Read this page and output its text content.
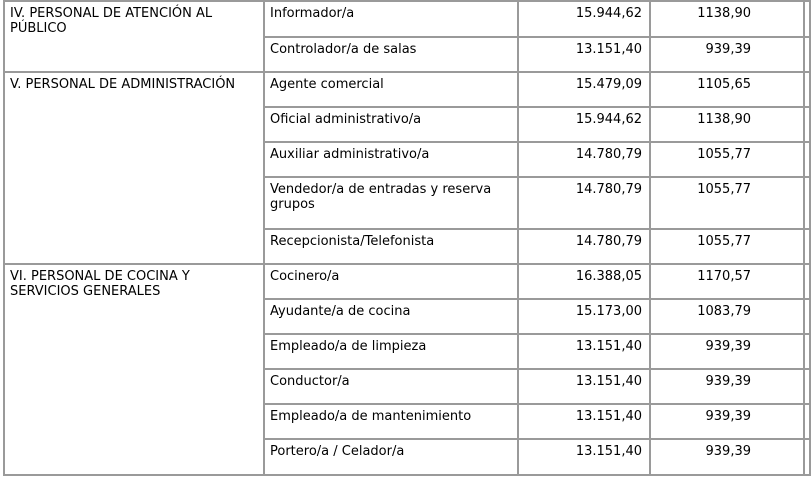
IV. PERSONAL DE ATENCIÓN AL PÚBLICO	Informador/a	15.944,62	1138,90	
	Controlador/a de salas	13.151,40	939,39	
V. PERSONAL DE ADMINISTRACIÓN	Agente comercial	15.479,09	1105,65	
	Oficial administrativo/a	15.944,62	1138,90	
	Auxiliar administrativo/a	14.780,79	1055,77	
	Vendedor/a de entradas y reserva grupos	14.780,79	1055,77	
	Recepcionista/Telefonista	14.780,79	1055,77	
VI. PERSONAL DE COCINA Y SERVICIOS GENERALES	Cocinero/a	16.388,05	1170,57	
	Ayudante/a de cocina	15.173,00	1083,79	
	Empleado/a de limpieza	13.151,40	939,39	
	Conductor/a	13.151,40	939,39	
	Empleado/a de mantenimiento	13.151,40	939,39	
	Portero/a / Celador/a	13.151,40	939,39	
